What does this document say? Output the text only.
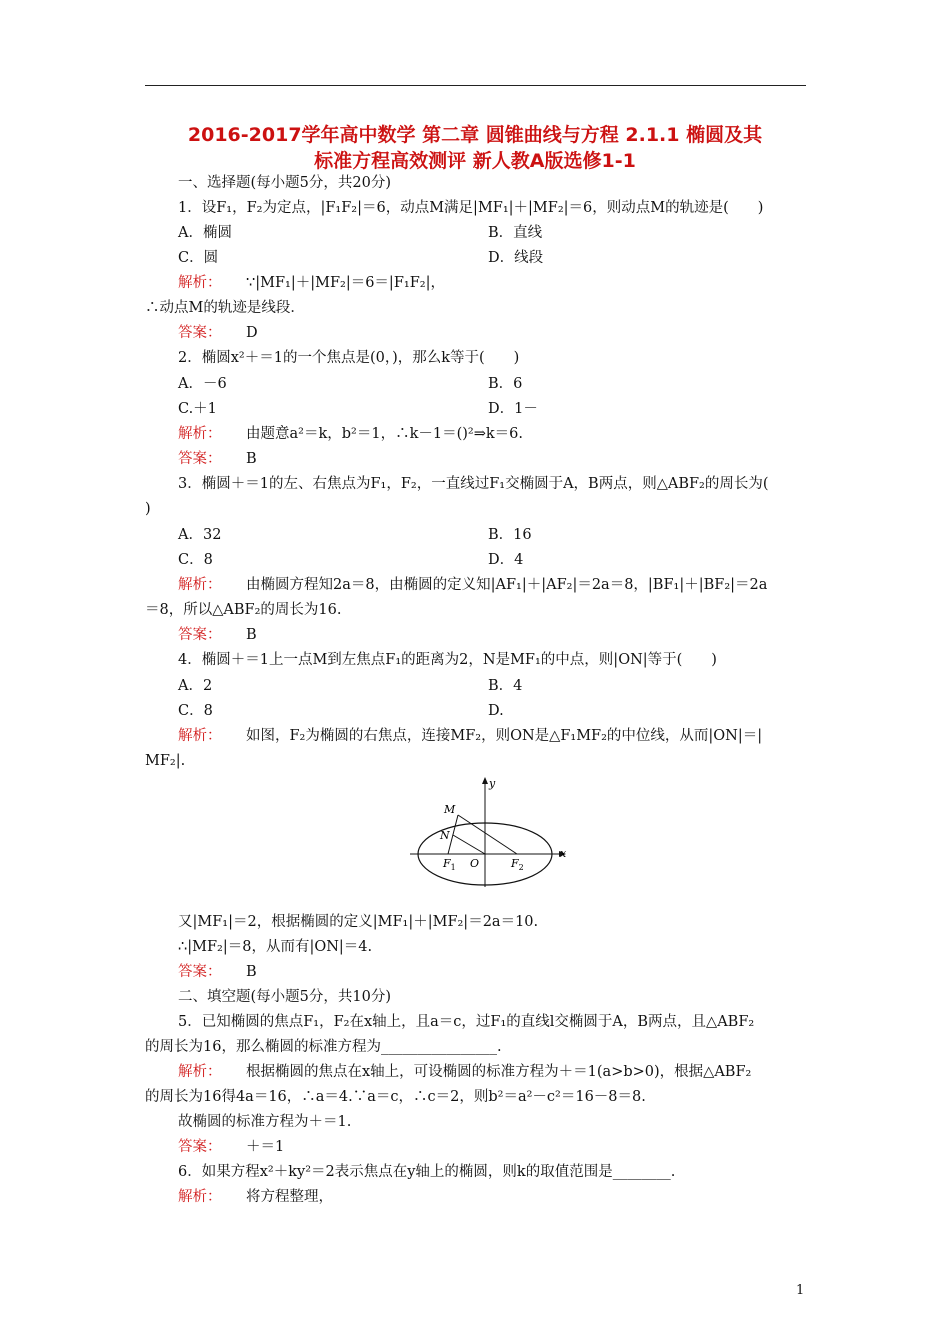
2016-2017学年高中数学 第二章 圆锥曲线与方程 2.1.1 椭圆及其
标准方程高效测评 新人教A版选修1-1
一、选择题(每小题5分，共20分)
1．设F₁，F₂为定点，|F₁F₂|＝6，动点M满足|MF₁|＋|MF₂|＝6，则动点M的轨迹是(　　)
A．椭圆	B．直线
C．圆	D．线段
解析： ∵|MF₁|＋|MF₂|＝6＝|F₁F₂|，
∴动点M的轨迹是线段．
答案： D
2．椭圆x²＋＝1的一个焦点是(0，)，那么k等于(　　)
A．－6	B．6
C.＋1	D．1－
解析： 由题意a²＝k，b²＝1，∴k－1＝()²⇒k＝6.
答案： B
3．椭圆＋＝1的左、右焦点为F₁，F₂，一直线过F₁交椭圆于A，B两点，则△ABF₂的周长为(
)
A．32	B．16
C．8	D．4
解析： 由椭圆方程知2a＝8，由椭圆的定义知|AF₁|＋|AF₂|＝2a＝8，|BF₁|＋|BF₂|＝2a
＝8，所以△ABF₂的周长为16.
答案： B
4．椭圆＋＝1上一点M到左焦点F₁的距离为2，N是MF₁的中点，则|ON|等于(　　)
A．2	B．4
C．8	D.
解析： 如图，F₂为椭圆的右焦点，连接MF₂，则ON是△F₁MF₂的中位线，从而|ON|＝|
MF₂|.
y
x
M
N
$F_1$ O	$F_2$
又|MF₁|＝2，根据椭圆的定义|MF₁|＋|MF₂|＝2a＝10.
∴|MF₂|＝8，从而有|ON|＝4.
答案： B
二、填空题(每小题5分，共10分)
5．已知椭圆的焦点F₁，F₂在x轴上，且a＝c，过F₁的直线l交椭圆于A，B两点，且△ABF₂
的周长为16，那么椭圆的标准方程为________________.
解析： 根据椭圆的焦点在x轴上，可设椭圆的标准方程为＋＝1(a>b>0)，根据△ABF₂
的周长为16得4a＝16，∴a＝4.∵a＝c，∴c＝2，则b²＝a²－c²＝16－8＝8.
故椭圆的标准方程为＋＝1.
答案： ＋＝1
6．如果方程x²＋ky²＝2表示焦点在y轴上的椭圆，则k的取值范围是________.
解析： 将方程整理，
1
